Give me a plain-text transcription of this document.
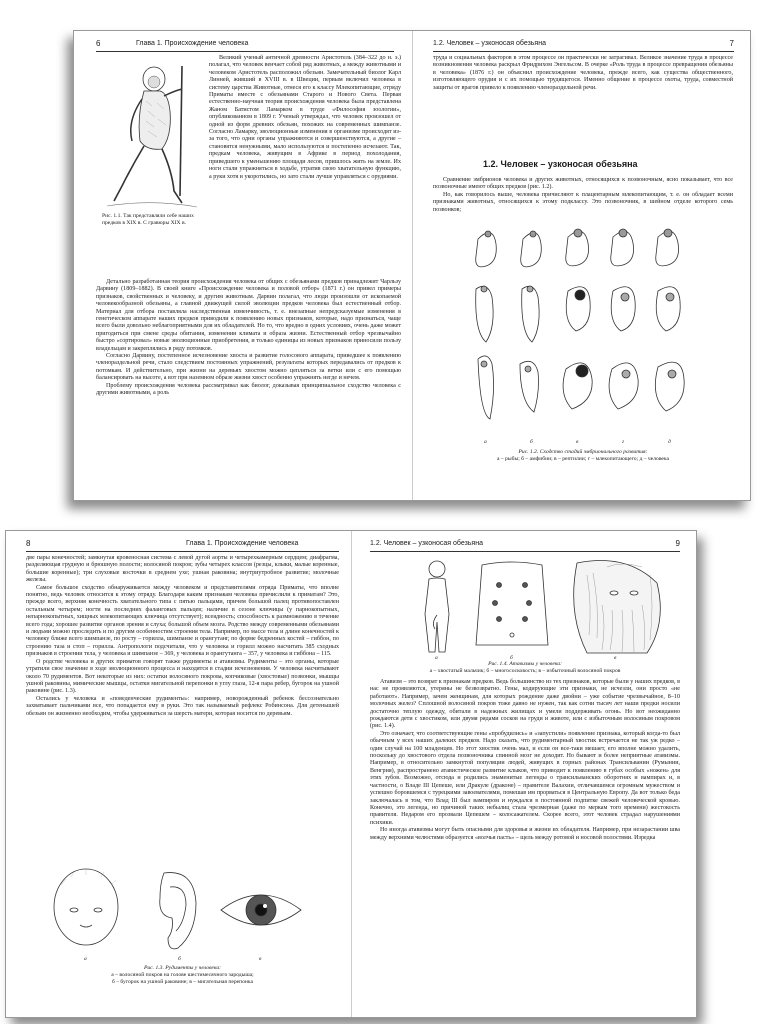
6	Глава 1. Происхождение человека
Рис. 1.1. Так представляли себе наших предков в XIX в. С гравюры XIX в.

Великий ученый античной древности Аристотель (384–322 до н. э.) полагал, что человек венчает собой ряд животных, а между животными и человеком Аристотель расположил обезьян. Замечательный биолог Карл Линней, живший в XVIII в. в Швеции, первым включил человека в систему царства Животные, отнеся его к классу Млекопитающие, отряду Приматы вместе с обезьянами Старого и Нового Света. Первая естественно-научная теория происхождения человека была представлена Жаном Батистом Ламарком в труде «Философия зоологии», опубликованном в 1809 г. Ученый утверждал, что человек произошел от одной из форм древних обезьян, похожих на современных шимпанзе. Согласно Ламарку, эволюционные изменения в организме происходят из-за того, что одни органы упражняются и совершенствуются, а другие – становятся ненужными, мало используются и постепенно исчезают. Так, предкам человека, живущим в Африке в период похолодания, приведшего к уменьшению площади лесов, пришлось жить на земле. Их ноги стали упражняться в ходьбе, утратив свою хватательную функцию, а руки хотя и укоротились, но зато стали лучше управляться с орудиями.

Детально разработанная теория происхождения человека от общих с обезьянами предков принадлежит Чарльзу Дарвину (1809–1882). В своей книге «Происхождение человека и половой отбор» (1871 г.) он привел примеры признаков, свойственных и человеку, и другим животным. Дарвин полагал, что люди произошли от ископаемой человекообразной обезьяны, а главной движущей силой эволюции предков человека был естественный отбор. Материал для отбора поставляла наследственная изменчивость, т. е. внезапные непредсказуемые изменения в генетическом аппарате наших предков приводили к появлению новых признаков, которые, надо признаться, чаще всего были довольно неблагоприятными для их обладателей. Но то, что вредно в одних условиях, очень даже может пригодиться при смене среды обитания, изменении климата и образа жизни. Естественный отбор чрезвычайно быстро «сортировал» новые эволюционные приобретения, и только единицы из новых признаков приносили пользу владельцам и закреплялись в ряду потомков.

Согласно Дарвину, постепенное исчезновение хвоста и развитие голосового аппарата, приведшее к появлению членораздельной речи, стало следствием постоянных упражнений, результаты которых передавались от предков к потомкам. И действительно, при жизни на деревьях хвостом можно цепляться за ветки или с его помощью балансировать на высоте, а вот при наземном образе жизни хвост особенно упражнять негде и нечем.

Проблему происхождения человека рассматривал как биолог, доказывая принципиальное сходство человека с другими животными, а роль

1.2. Человек – узконосая обезьяна	7

труда и социальных факторов в этом процессе он практически не затрагивал. Великое значение труда в процессе возникновения человека раскрыл Фридрихом Энгельсом. В очерке «Роль труда в процессе превращения обезьяны в человека» (1876 г.) он объяснил происхождение человека, прежде всего, как существа общественного, изготовляющего орудия и с их помощью трудящегося. Именно общение в процессе охоты, труда, совместной защиты от врагов привело к появлению членораздельной речи.

1.2. Человек – узконосая обезьяна

Сравнение эмбрионов человека и других животных, относящихся к позвоночным, ясно показывает, что все позвоночные имеют общих предков (рис. 1.2).

Но, как говорилось выше, человека причисляют к плацентарным млекопитающим, т. е. он обладает всеми признаками животных, относящихся к этому подклассу. Это позвоночник, в шейном отделе которого семь позвонков;

а	б	в	г	д
Рис. 1.2. Сходство стадий эмбрионального развития:
а – рыбы; б – амфибии; в – рептилии; г – млекопитающего; д – человека
8	Глава 1. Происхождение человека

две пары конечностей; замкнутая кровеносная система с левой дугой аорты и четырехкамерным сердцем; диафрагма, разделяющая грудную и брюшную полости; волосяной покров; зубы четырех классов (резцы, клыки, малые коренные, большие коренные); три слуховые косточки в среднем ухе; ушная раковина; внутриутробное развитие; молочные железы.

Самое большое сходство обнаруживается между человеком и представителями отряда Приматы, что вполне понятно, ведь человек относится к этому отряду. Благодаря каким признакам человека причислили к приматам? Это, прежде всего, верхняя конечность хватательного типа с пятью пальцами, причем большой палец противопоставлен остальным четырем; ногти на последних фаланговых пальцев; наличие в сезоне ключицы (у парнокопытных, непарнокопытных, хищных млекопитающих ключица отсутствует); всеядность; способность к размножению в течение всего года; хорошее развитие органов зрения и слуха; большой объем мозга. Родство между современными обезьянами и людьми можно проследить и по другим особенностям строения тела. Например, по массе тела и длине конечностей к человеку ближе всего шимпанзе, по росту – горилла, шимпанзе и орангутанг, по форме бедренных костей – гиббон, по строению таза и стоп – горилла. Антропологи подсчитали, что у человека и горилл можно насчитать 385 сходных признаков в строении тела, у человека и шимпанзе – 369, у человека и орангутанга – 357, у человека и гиббона – 115.

О родстве человека и других приматов говорят также рудименты и атавизмы. Рудименты – это органы, которые утратили свое значение в ходе эволюционного процесса и находятся в стадии исчезновения. У человека насчитывают около 70 рудиментов. Вот некоторые из них: остатки волосяного покрова, копчиковые (хвостовые) позвонки, мышцы ушной раковины, мимические мышцы, остатки мигательной перепонки в углу глаза, 12-я пара ребер, бугорок на ушной раковине (рис. 1.3).

Остались у человека и «поведенческие рудименты»: например, новорожденный ребенок бессознательно захватывает пальчиками все, что попадается ему в руки. Это так называемый рефлекс Робинсона. Для детенышей обезьян он жизненно необходим, чтобы удерживаться за шерсть матери, которая носится по деревьям.

а	б	в
Рис. 1.3. Рудименты у человека:
а – волосяной покров на голове шестимесячного зародыша;
б – бугорок на ушной раковине; в – мигательная перепонка
1.2. Человек – узконосая обезьяна	9
а	б	в
Рис. 1.4. Атавизмы у человека:
а – хвостатый мальчик; б – многососковость; в – избыточный волосяной покров

Атавизм – это возврат к признакам предков. Ведь большинство из тех признаков, которые были у наших предков, в нас не проявляются, утеряны не безвозвратно. Гены, кодирующие эти признаки, не исчезли, они просто «не работают». Например, зачем женщинам, для которых рождение даже двойни – уже событие чрезвычайное, 8–10 молочных желез? Сплошной волосяной покров тоже давно не нужен, так как сотни тысяч лет наши предки носили достаточно теплую одежду, обитали в надежных жилищах и умели поддерживать огонь. Но вот неожиданно рождаются дети с хвостиком, или двумя рядами сосков на груди и животе, или с избыточным волосяным покровом (рис. 1.4).

Это означает, что соответствующие гены «пробудились» и «запустили» появление признака, который когда-то был обычным у всех наших далеких предков. Надо сказать, что рудиментарный хвостик встречается не так уж редко – один случай на 100 младенцев. Но этот хвостик очень мал, и если он все-таки мешает, его вполне можно удалить, поскольку до хвостового отдела позвоночника спинной мозг не доходит. Но бывают и более неприятные атавизмы. Например, в относительно замкнутой популяции людей, живущих в горных районах Трансильвании (Румынии, Венгрия), распространено атавистическое развитие клыков, что приводит к появлению в губах особых «ножен» для этих зубов. Возможно, отсюда и родились знаменитые легенды о трансильванских оборотнях и вампирах и, в частности, о Владе III Цепеше, или Дракуле (драконе) – правителе Валахии, отличавшемся огромным мужеством и успешно боровшемся с турецкими завоевателями, помешав им прорваться в Центральную Европу. Да вот только беда заключалась в том, что Влад III был вампиром и нуждался в постоянной подпитке свежей человеческой кровью. Конечно, это легенда, но причиной таких небылиц стала чрезмерная (даже по меркам того времени) жестокость правителя. Недаром его прозвали Цепешем – колосажателем. Скорее всего, этот человек страдал нарушениями психики.

Но иногда атавизмы могут быть опасными для здоровья и жизни их обладателя. Например, при незарастании шва между верхними челюстями образуется «волчья пасть» – щель между ротовой и носовой полостями. Изредка
